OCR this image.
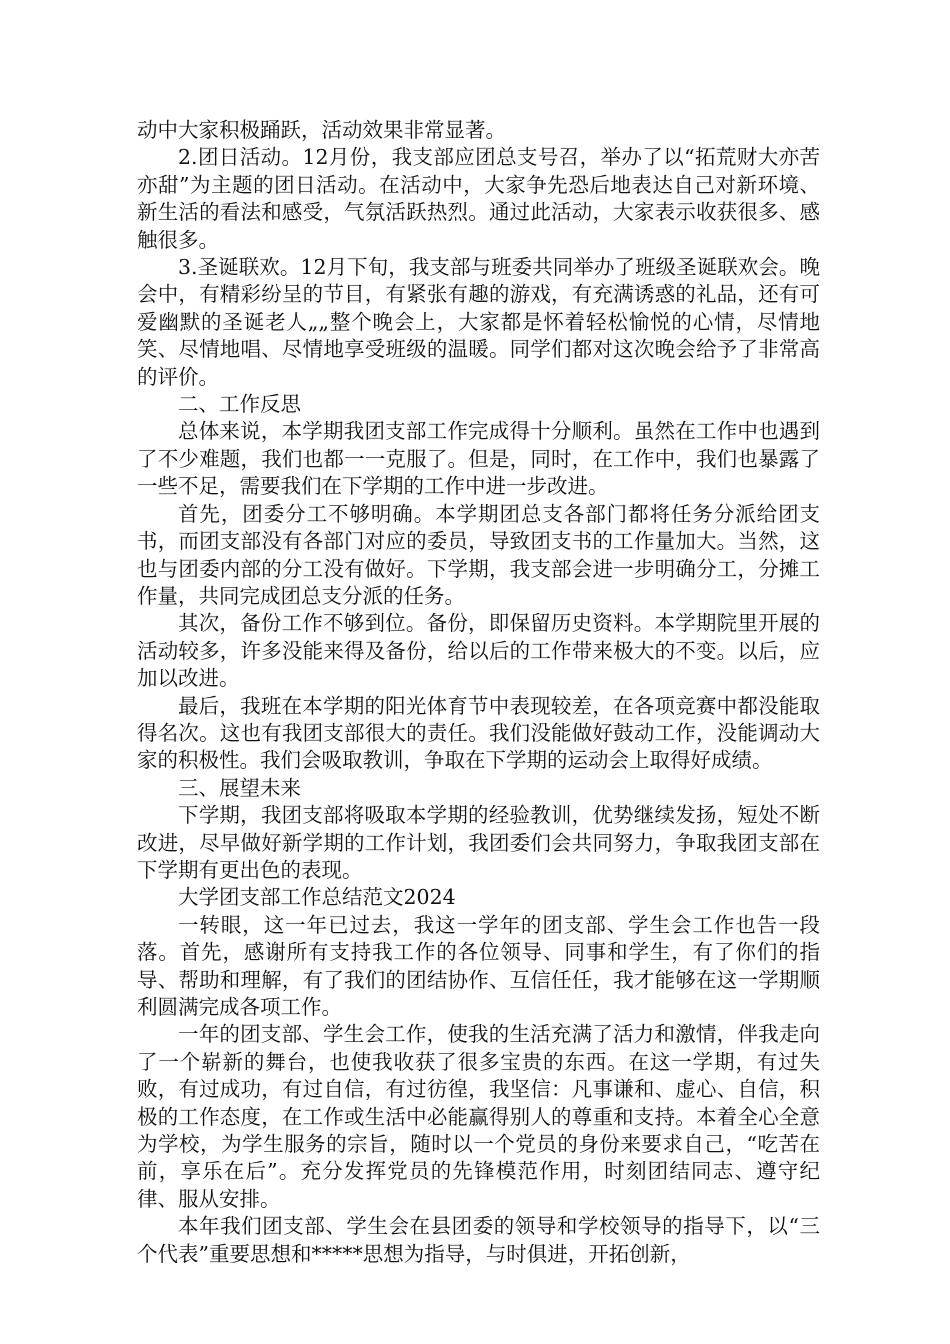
动中大家积极踊跃，活动效果非常显著。

2.团日活动。12月份，我支部应团总支号召，举办了以“拓荒财大亦苦亦甜”为主题的团日活动。在活动中，大家争先恐后地表达自己对新环境、新生活的看法和感受，气氛活跃热烈。通过此活动，大家表示收获很多、感触很多。

3.圣诞联欢。12月下旬，我支部与班委共同举办了班级圣诞联欢会。晚会中，有精彩纷呈的节目，有紧张有趣的游戏，有充满诱惑的礼品，还有可爱幽默的圣诞老人„„整个晚会上，大家都是怀着轻松愉悦的心情，尽情地笑、尽情地唱、尽情地享受班级的温暖。同学们都对这次晚会给予了非常高的评价。

二、工作反思

总体来说，本学期我团支部工作完成得十分顺利。虽然在工作中也遇到了不少难题，我们也都一一克服了。但是，同时，在工作中，我们也暴露了一些不足，需要我们在下学期的工作中进一步改进。

首先，团委分工不够明确。本学期团总支各部门都将任务分派给团支书，而团支部没有各部门对应的委员，导致团支书的工作量加大。当然，这也与团委内部的分工没有做好。下学期，我支部会进一步明确分工，分摊工作量，共同完成团总支分派的任务。

其次，备份工作不够到位。备份，即保留历史资料。本学期院里开展的活动较多，许多没能来得及备份，给以后的工作带来极大的不变。以后，应加以改进。

最后，我班在本学期的阳光体育节中表现较差，在各项竞赛中都没能取得名次。这也有我团支部很大的责任。我们没能做好鼓动工作，没能调动大家的积极性。我们会吸取教训，争取在下学期的运动会上取得好成绩。

三、展望未来

下学期，我团支部将吸取本学期的经验教训，优势继续发扬，短处不断改进，尽早做好新学期的工作计划，我团委们会共同努力，争取我团支部在下学期有更出色的表现。

大学团支部工作总结范文2024

一转眼，这一年已过去，我这一学年的团支部、学生会工作也告一段落。首先，感谢所有支持我工作的各位领导、同事和学生，有了你们的指导、帮助和理解，有了我们的团结协作、互信任任，我才能够在这一学期顺利圆满完成各项工作。

一年的团支部、学生会工作，使我的生活充满了活力和激情，伴我走向了一个崭新的舞台，也使我收获了很多宝贵的东西。在这一学期，有过失败，有过成功，有过自信，有过彷徨，我坚信：凡事谦和、虚心、自信，积极的工作态度，在工作或生活中必能赢得别人的尊重和支持。本着全心全意为学校，为学生服务的宗旨，随时以一个党员的身份来要求自己，“吃苦在前，享乐在后”。充分发挥党员的先锋模范作用，时刻团结同志、遵守纪律、服从安排。

本年我们团支部、学生会在县团委的领导和学校领导的指导下，以“三个代表”重要思想和*****思想为指导，与时俱进，开拓创新，
